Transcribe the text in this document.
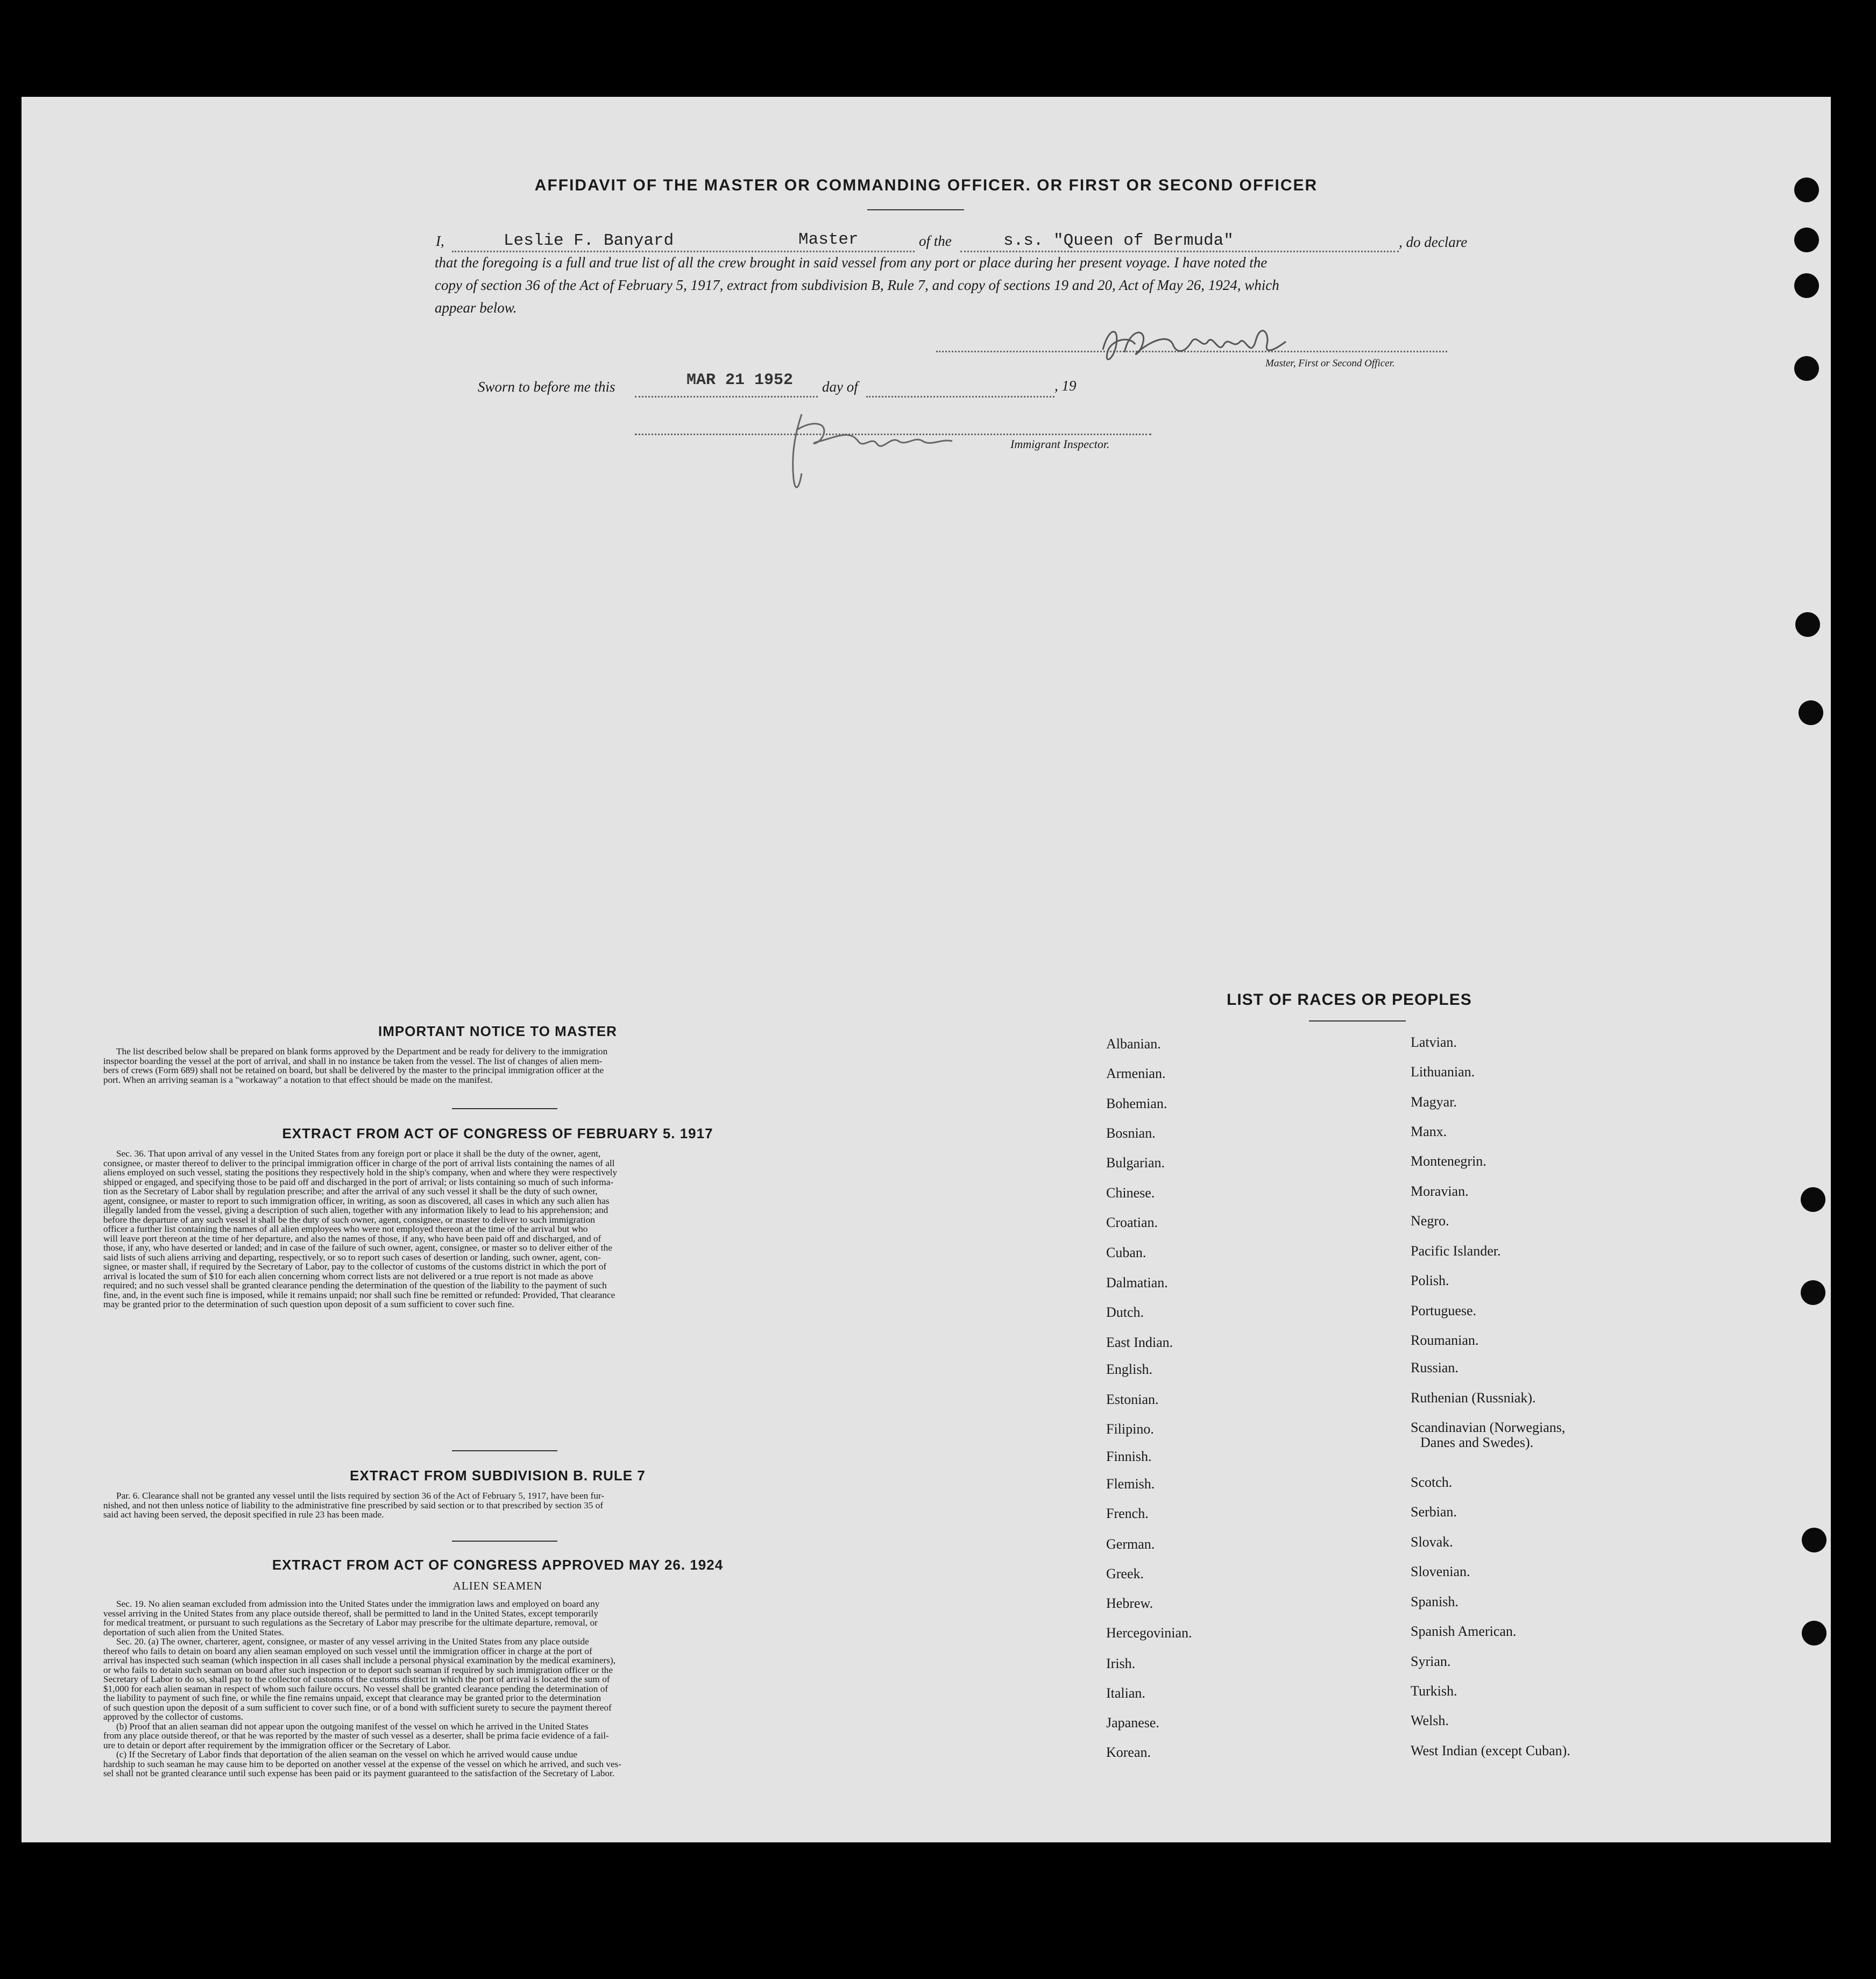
AFFIDAVIT OF THE MASTER OR COMMANDING OFFICER. OR FIRST OR SECOND OFFICER
I,	Leslie F. Banyard	Master	of the	s.s. "Queen of Bermuda"	, do declare
that the foregoing is a full and true list of all the crew brought in said vessel from any port or place during her present voyage. I have noted the
copy of section 36 of the Act of February 5, 1917, extract from subdivision B, Rule 7, and copy of sections 19 and 20, Act of May 26, 1924, which
appear below.
Master, First or Second Officer.
Sworn to before me this	MAR 21 1952 day of	, 19
Immigrant Inspector.
IMPORTANT NOTICE TO MASTER
The list described below shall be prepared on blank forms approved by the Department and be ready for delivery to the immigration
inspector boarding the vessel at the port of arrival, and shall in no instance be taken from the vessel. The list of changes of alien mem-
bers of crews (Form 689) shall not be retained on board, but shall be delivered by the master to the principal immigration officer at the
port. When an arriving seaman is a "workaway" a notation to that effect should be made on the manifest.
EXTRACT FROM ACT OF CONGRESS OF FEBRUARY 5. 1917
Sec. 36. That upon arrival of any vessel in the United States from any foreign port or place it shall be the duty of the owner, agent,
consignee, or master thereof to deliver to the principal immigration officer in charge of the port of arrival lists containing the names of all
aliens employed on such vessel, stating the positions they respectively hold in the ship's company, when and where they were respectively
shipped or engaged, and specifying those to be paid off and discharged in the port of arrival; or lists containing so much of such informa-
tion as the Secretary of Labor shall by regulation prescribe; and after the arrival of any such vessel it shall be the duty of such owner,
agent, consignee, or master to report to such immigration officer, in writing, as soon as discovered, all cases in which any such alien has
illegally landed from the vessel, giving a description of such alien, together with any information likely to lead to his apprehension; and
before the departure of any such vessel it shall be the duty of such owner, agent, consignee, or master to deliver to such immigration
officer a further list containing the names of all alien employees who were not employed thereon at the time of the arrival but who
will leave port thereon at the time of her departure, and also the names of those, if any, who have been paid off and discharged, and of
those, if any, who have deserted or landed; and in case of the failure of such owner, agent, consignee, or master so to deliver either of the
said lists of such aliens arriving and departing, respectively, or so to report such cases of desertion or landing, such owner, agent, con-
signee, or master shall, if required by the Secretary of Labor, pay to the collector of customs of the customs district in which the port of
arrival is located the sum of $10 for each alien concerning whom correct lists are not delivered or a true report is not made as above
required; and no such vessel shall be granted clearance pending the determination of the question of the liability to the payment of such
fine, and, in the event such fine is imposed, while it remains unpaid; nor shall such fine be remitted or refunded: Provided, That clearance
may be granted prior to the determination of such question upon deposit of a sum sufficient to cover such fine.
EXTRACT FROM SUBDIVISION B. RULE 7
Par. 6. Clearance shall not be granted any vessel until the lists required by section 36 of the Act of February 5, 1917, have been fur-
nished, and not then unless notice of liability to the administrative fine prescribed by said section or to that prescribed by section 35 of
said act having been served, the deposit specified in rule 23 has been made.
EXTRACT FROM ACT OF CONGRESS APPROVED MAY 26. 1924
ALIEN SEAMEN
Sec. 19. No alien seaman excluded from admission into the United States under the immigration laws and employed on board any
vessel arriving in the United States from any place outside thereof, shall be permitted to land in the United States, except temporarily
for medical treatment, or pursuant to such regulations as the Secretary of Labor may prescribe for the ultimate departure, removal, or
deportation of such alien from the United States.
Sec. 20. (a) The owner, charterer, agent, consignee, or master of any vessel arriving in the United States from any place outside
thereof who fails to detain on board any alien seaman employed on such vessel until the immigration officer in charge at the port of
arrival has inspected such seaman (which inspection in all cases shall include a personal physical examination by the medical examiners),
or who fails to detain such seaman on board after such inspection or to deport such seaman if required by such immigration officer or the
Secretary of Labor to do so, shall pay to the collector of customs of the customs district in which the port of arrival is located the sum of
$1,000 for each alien seaman in respect of whom such failure occurs. No vessel shall be granted clearance pending the determination of
the liability to payment of such fine, or while the fine remains unpaid, except that clearance may be granted prior to the determination
of such question upon the deposit of a sum sufficient to cover such fine, or of a bond with sufficient surety to secure the payment thereof
approved by the collector of customs.
(b) Proof that an alien seaman did not appear upon the outgoing manifest of the vessel on which he arrived in the United States
from any place outside thereof, or that he was reported by the master of such vessel as a deserter, shall be prima facie evidence of a fail-
ure to detain or deport after requirement by the immigration officer or the Secretary of Labor.
(c) If the Secretary of Labor finds that deportation of the alien seaman on the vessel on which he arrived would cause undue
hardship to such seaman he may cause him to be deported on another vessel at the expense of the vessel on which he arrived, and such ves-
sel shall not be granted clearance until such expense has been paid or its payment guaranteed to the satisfaction of the Secretary of Labor.
LIST OF RACES OR PEOPLES
Albanian.
Armenian.
Bohemian.
Bosnian.
Bulgarian.
Chinese.
Croatian.
Cuban.
Dalmatian.
Dutch.
East Indian.
English.
Estonian.
Filipino.
Finnish.
Flemish.
French.
German.
Greek.
Hebrew.
Hercegovinian.
Irish.
Italian.
Japanese.
Korean.
Latvian.
Lithuanian.
Magyar.
Manx.
Montenegrin.
Moravian.
Negro.
Pacific Islander.
Polish.
Portuguese.
Roumanian.
Russian.
Ruthenian (Russniak).
Scandinavian (Norwegians,
Danes and Swedes).
Scotch.
Serbian.
Slovak.
Slovenian.
Spanish.
Spanish American.
Syrian.
Turkish.
Welsh.
West Indian (except Cuban).
